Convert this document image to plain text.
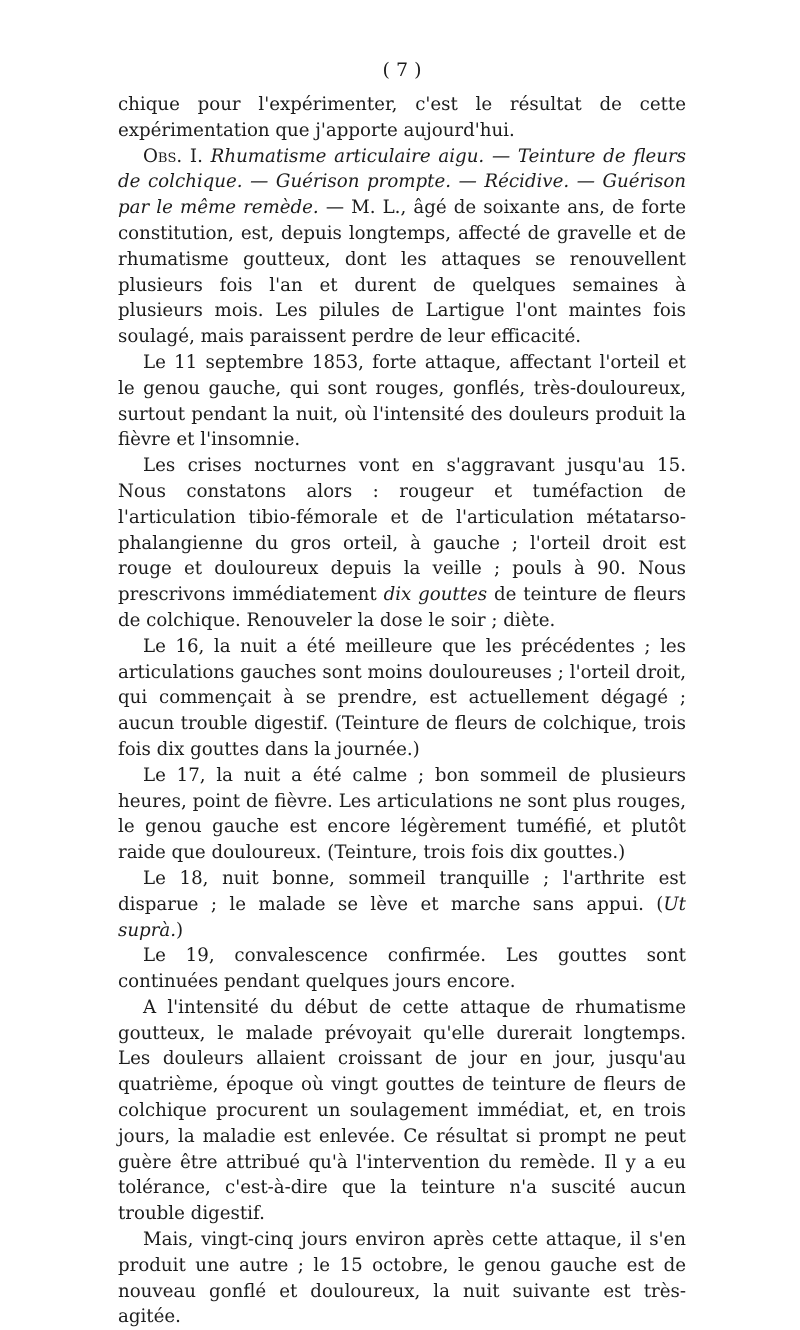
( 7 )

chique pour l'expérimenter, c'est le résultat de cette expérimentation que j'apporte aujourd'hui.

Obs. I. Rhumatisme articulaire aigu. — Teinture de fleurs de colchique. — Guérison prompte. — Récidive. — Guérison par le même remède. — M. L., âgé de soixante ans, de forte constitution, est, depuis longtemps, affecté de gravelle et de rhumatisme goutteux, dont les attaques se renouvellent plusieurs fois l'an et durent de quelques semaines à plusieurs mois. Les pilules de Lartigue l'ont maintes fois soulagé, mais paraissent perdre de leur efficacité.

Le 11 septembre 1853, forte attaque, affectant l'orteil et le genou gauche, qui sont rouges, gonflés, très-douloureux, surtout pendant la nuit, où l'intensité des douleurs produit la fièvre et l'insomnie.

Les crises nocturnes vont en s'aggravant jusqu'au 15. Nous constatons alors : rougeur et tuméfaction de l'articulation tibio-fémorale et de l'articulation métatarso-phalangienne du gros orteil, à gauche ; l'orteil droit est rouge et douloureux depuis la veille ; pouls à 90. Nous prescrivons immédiatement dix gouttes de teinture de fleurs de colchique. Renouveler la dose le soir ; diète.

Le 16, la nuit a été meilleure que les précédentes ; les articulations gauches sont moins douloureuses ; l'orteil droit, qui commençait à se prendre, est actuellement dégagé ; aucun trouble digestif. (Teinture de fleurs de colchique, trois fois dix gouttes dans la journée.)

Le 17, la nuit a été calme ; bon sommeil de plusieurs heures, point de fièvre. Les articulations ne sont plus rouges, le genou gauche est encore légèrement tuméfié, et plutôt raide que douloureux. (Teinture, trois fois dix gouttes.)

Le 18, nuit bonne, sommeil tranquille ; l'arthrite est disparue ; le malade se lève et marche sans appui. (Ut suprà.)

Le 19, convalescence confirmée. Les gouttes sont continuées pendant quelques jours encore.

A l'intensité du début de cette attaque de rhumatisme goutteux, le malade prévoyait qu'elle durerait longtemps. Les douleurs allaient croissant de jour en jour, jusqu'au quatrième, époque où vingt gouttes de teinture de fleurs de colchique procurent un soulagement immédiat, et, en trois jours, la maladie est enlevée. Ce résultat si prompt ne peut guère être attribué qu'à l'intervention du remède. Il y a eu tolérance, c'est-à-dire que la teinture n'a suscité aucun trouble digestif.

Mais, vingt-cinq jours environ après cette attaque, il s'en produit une autre ; le 15 octobre, le genou gauche est de nouveau gonflé et douloureux, la nuit suivante est très-agitée.
